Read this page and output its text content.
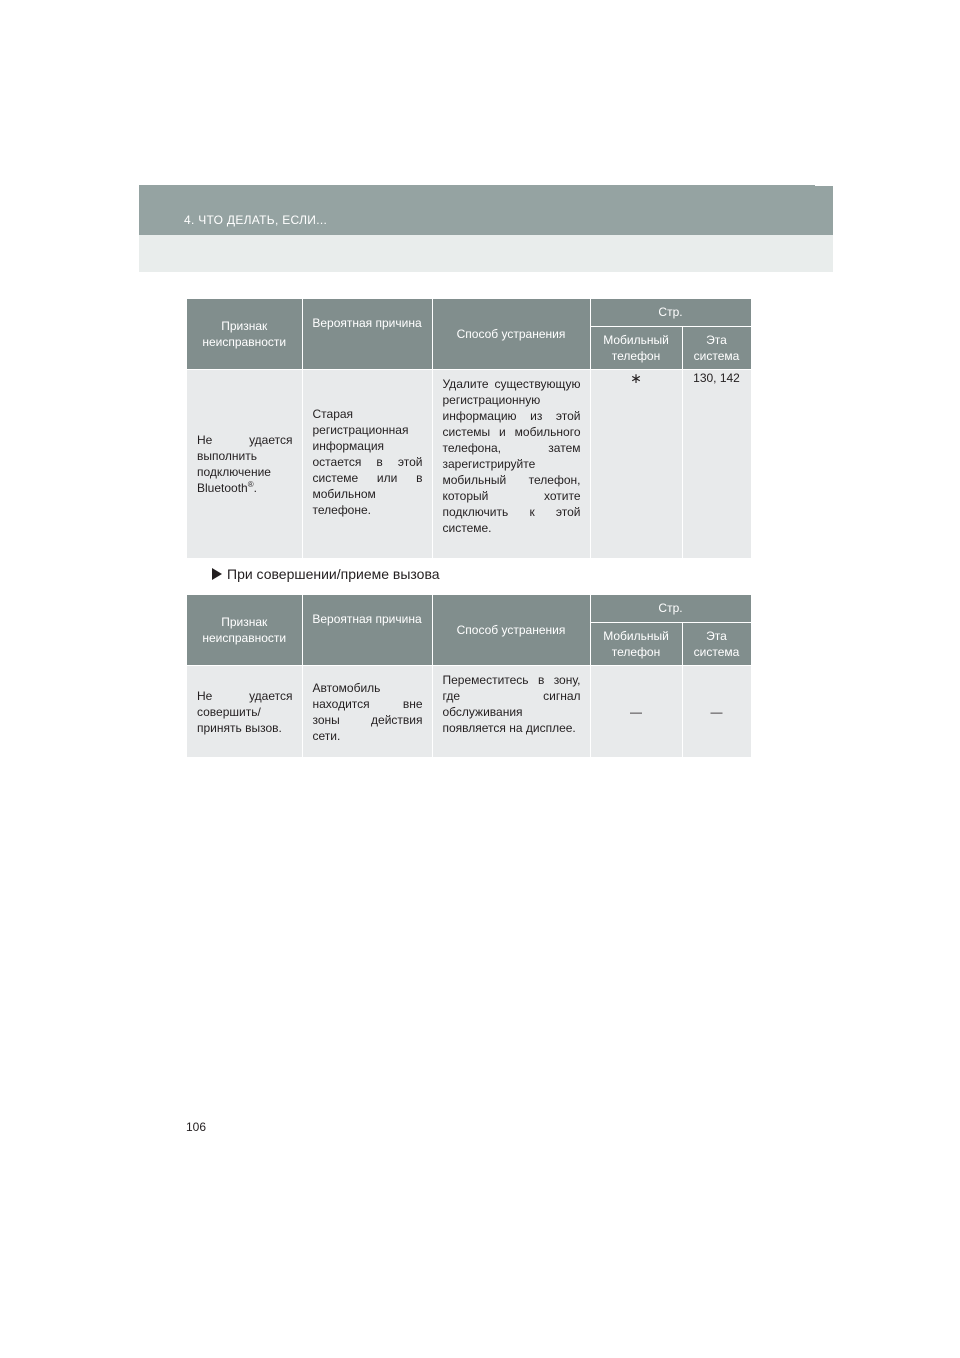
4. ЧТО ДЕЛАТЬ, ЕСЛИ...
Признак неисправности	Вероятная причина	Способ устранения	Стр.	
			Мобильный телефон	Эта система

Не удается выполнить подключение Bluetooth®.	Старая регистрационная информация остается в этой системе или в мобильном телефоне.	Удалите существующую регистрационную информацию из этой системы и мобильного телефона, затем зарегистрируйте мобильный телефон, который хотите подключить к этой системе.	∗	130, 142
При совершении/приеме вызова
Признак неисправности	Вероятная причина	Способ устранения	Стр.	
			Мобильный телефон	Эта система

Не удается совершить/ принять вызов.	Автомобиль находится вне зоны действия сети.	Переместитесь в зону, где сигнал обслуживания появляется на дисплее.	—	—
106
